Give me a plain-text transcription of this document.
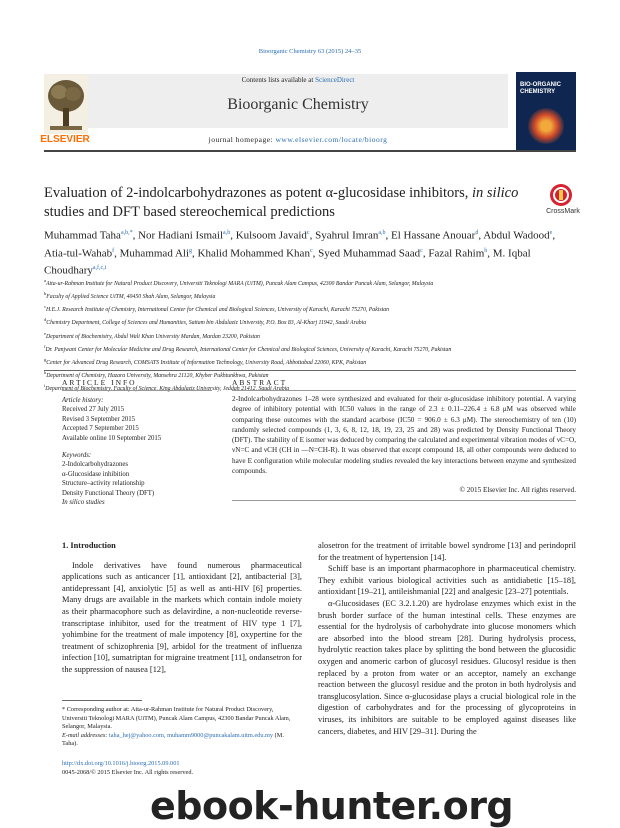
Bioorganic Chemistry 63 (2015) 24–35
ELSEVIER
Contents lists available at ScienceDirect
Bioorganic Chemistry
journal homepage: www.elsevier.com/locate/bioorg
BIO-ORGANIC CHEMISTRY
Evaluation of 2-indolcarbohydrazones as potent α-glucosidase inhibitors, in silico studies and DFT based stereochemical predictions	CrossMark
Muhammad Taha$^{a,b,*}$, Nor Hadiani Ismail$^{a,b}$, Kulsoom Javaid$^c$, Syahrul Imran$^{a,b}$, El Hassane Anouar$^d$, Abdul Wadood$^e$, Atia-tul-Wahab$^f$, Muhammad Ali$^g$, Khalid Mohammed Khan$^c$, Syed Muhammad Saad$^c$, Fazal Rahim$^h$, M. Iqbal Choudhary$^{a,f,c,i}$
$^a$Atta-ur-Rahman Institute for Natural Product Discovery, Universiti Teknologi MARA (UiTM), Puncak Alam Campus, 42300 Bandar Puncak Alam, Selangor, Malaysia
$^b$Faculty of Applied Science UiTM, 40450 Shah Alam, Selangor, Malaysia
$^c$H.E.J. Research Institute of Chemistry, International Center for Chemical and Biological Sciences, University of Karachi, Karachi 75270, Pakistan
$^d$Chemistry Department, College of Sciences and Humanities, Sattam bin Abdulaziz University, P.O. Box 83, Al-Kharj 11942, Saudi Arabia
$^e$Department of Biochemistry, Abdul Wali Khan University Mardan, Mardan 23200, Pakistan
$^f$Dr. Panjwani Center for Molecular Medicine and Drug Research, International Center for Chemical and Biological Sciences, University of Karachi, Karachi 75270, Pakistan
$^g$Center for Advanced Drug Research, COMSATS Institute of Information Technology, University Road, Abbottabad 22060, KPK, Pakistan
$^h$Department of Chemistry, Hazara University, Mansehra 21120, Khyber Pukhtunkhwa, Pakistan
$^i$Department of Biochemistry, Faculty of Science, King Abdulaziz University, Jeddah 21412, Saudi Arabia
ARTICLE INFO
Article history:
Received 27 July 2015
Revised 3 September 2015
Accepted 7 September 2015
Available online 10 September 2015
Keywords:
2-Indolcarbohydrazones
α-Glucosidase inhibition
Structure–activity relationship
Density Functional Theory (DFT)
In silico studies
ABSTRACT
2-Indolcarbohydrazones 1–28 were synthesized and evaluated for their α-glucosidase inhibitory potential. A varying degree of inhibitory potential with IC50 values in the range of 2.3 ± 0.11–226.4 ± 6.8 μM was observed while comparing these outcomes with the standard acarbose (IC50 = 906.0 ± 6.3 μM). The stereochemistry of ten (10) randomly selected compounds (1, 3, 6, 8, 12, 18, 19, 23, 25 and 28) was predicted by Density Functional Theory (DFT). The stability of E isomer was deduced by comparing the calculated and experimental vibration modes of νC=O, νN=C and νCH (CH in —N=CH-R). It was observed that except compound 18, all other compounds were deduced to have E configuration while molecular modeling studies revealed the key interactions between enzyme and synthesized compounds.
© 2015 Elsevier Inc. All rights reserved.
1. Introduction

Indole derivatives have found numerous pharmaceutical applications such as anticancer [1], antioxidant [2], antibacterial [3], antidepressant [4], anxiolytic [5] as well as anti-HIV [6] properties. Many drugs are available in the markets which contain indole moiety as their pharmacophore such as delavirdine, a non-nucleotide reverse-transcriptase inhibitor, used for the treatment of HIV type 1 [7], yohimbine for the treatment of male impotency [8], oxypertine for the treatment of schizophrenia [9], arbidol for the treatment of influenza infection [10], sumatriptan for migraine treatment [11], ondansetron for the suppression of nausea [12],

alosetron for the treatment of irritable bowel syndrome [13] and perindopril for the treatment of hypertension [14].

Schiff base is an important pharmacophore in pharmaceutical chemistry. They exhibit various biological activities such as antidiabetic [15–18], antioxidant [19–21], antileishmanial [22] and analgesic [23–27] potentials.

α-Glucosidases (EC 3.2.1.20) are hydrolase enzymes which exist in the brush border surface of the human intestinal cells. These enzymes are essential for the hydrolysis of carbohydrate into glucose monomers which are absorbed into the blood stream [28]. During hydrolysis process, hydrolytic reaction takes place by splitting the bond between the glucosidic oxygen and anomeric carbon of glucosyl residues. Glucosyl residue is then replaced by a proton from water or an acceptor, namely an exchange reaction between the glucosyl residue and the proton in both hydrolysis and transglucosylation. Since α-glucosidase plays a crucial biological role in the digestion of carbohydrates and for the processing of glycoproteins in viruses, its inhibitors are suitable to be employed against diseases like cancers, diabetes, and HIV [29–31]. During the

* Corresponding author at: Atta-ur-Rahman Institute for Natural Product Discovery, Universiti Teknologi MARA (UiTM), Puncak Alam Campus, 42300 Bandar Puncak Alam, Selangor, Malaysia.
E-mail addresses: taha_hej@yahoo.com, muhamm9000@puncakalam.uitm.edu.my (M. Taha).
http://dx.doi.org/10.1016/j.bioorg.2015.09.001
0045-2068/© 2015 Elsevier Inc. All rights reserved.
ebook-hunter.org
